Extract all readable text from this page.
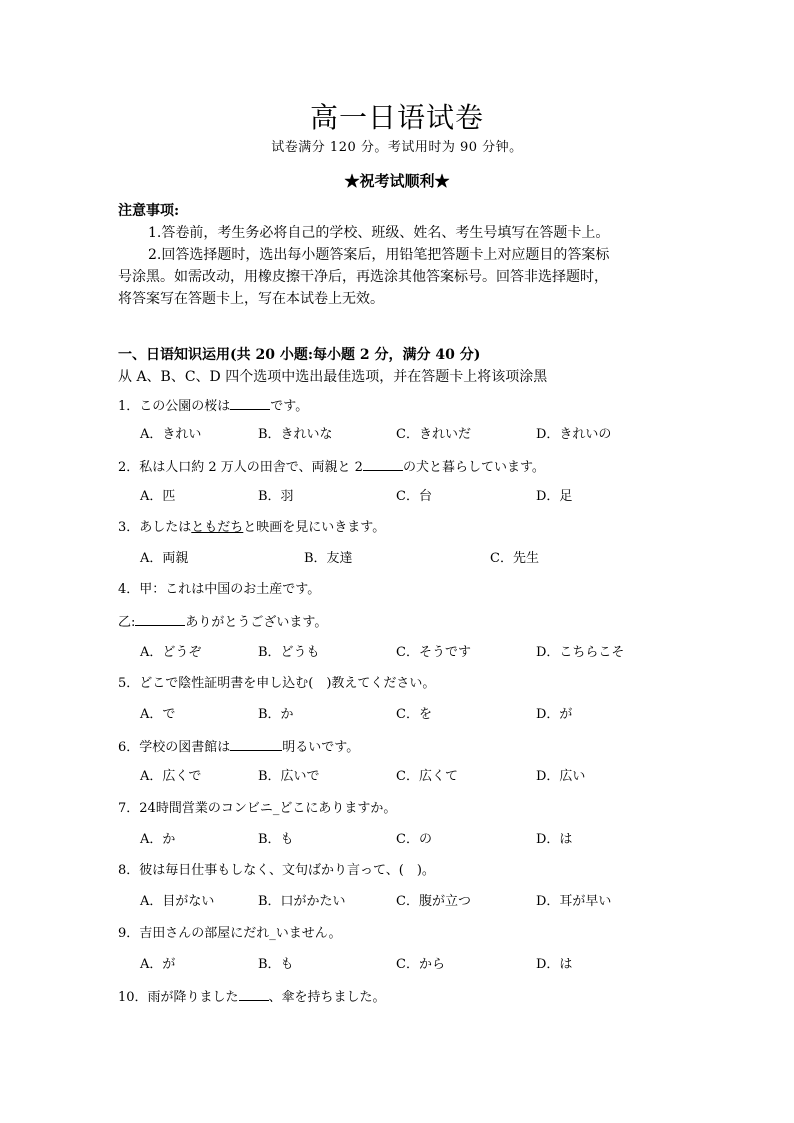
高一日语试卷
试卷满分 120 分。考试用时为 90 分钟。
★祝考试顺利★

注意事项:

1.答卷前，考生务必将自己的学校、班级、姓名、考生号填写在答题卡上。

2.回答选择题时，选出每小题答案后，用铅笔把答题卡上对应题目的答案标

号涂黑。如需改动，用橡皮擦干净后，再选涂其他答案标号。回答非选择题时，

将答案写在答题卡上，写在本试卷上无效。

一、日语知识运用(共 20 小题:每小题 2 分，满分 40 分)
从 A、B、C、D 四个选项中选出最佳选项，并在答题卡上将该项涂黑
1．この公園の桜は	です。
A．きれい	B．きれいな	C．きれいだ	D．きれいの
2．私は人口約 2 万人の田舎で、両親と 2	の犬と暮らしています。
A．匹	B．羽	C．台	D．足
3．あしたはともだちと映画を見にいきます。
A．両親	B．友達	C．先生
4．甲：これは中国のお土産です。
乙:	ありがとうございます。
A．どうぞ	B．どうも	C．そうです	D．こちらこそ
5．どこで陰性証明書を申し込む(　)教えてください。
A．で	B．か	C．を	D．が
6．学校の図書館は	明るいです。
A．広くで	B．広いで	C．広くて	D．広い
7．24時間営業のコンビニ_どこにありますか。
A．か	B．も	C．の	D．は
8．彼は毎日仕事もしなく、文句ばかり言って、(　)。
A．目がない	B．口がかたい	C．腹が立つ	D．耳が早い
9．吉田さんの部屋にだれ_いません。
A．が	B．も	C．から	D．は
10．雨が降りました 、傘を持ちました。
